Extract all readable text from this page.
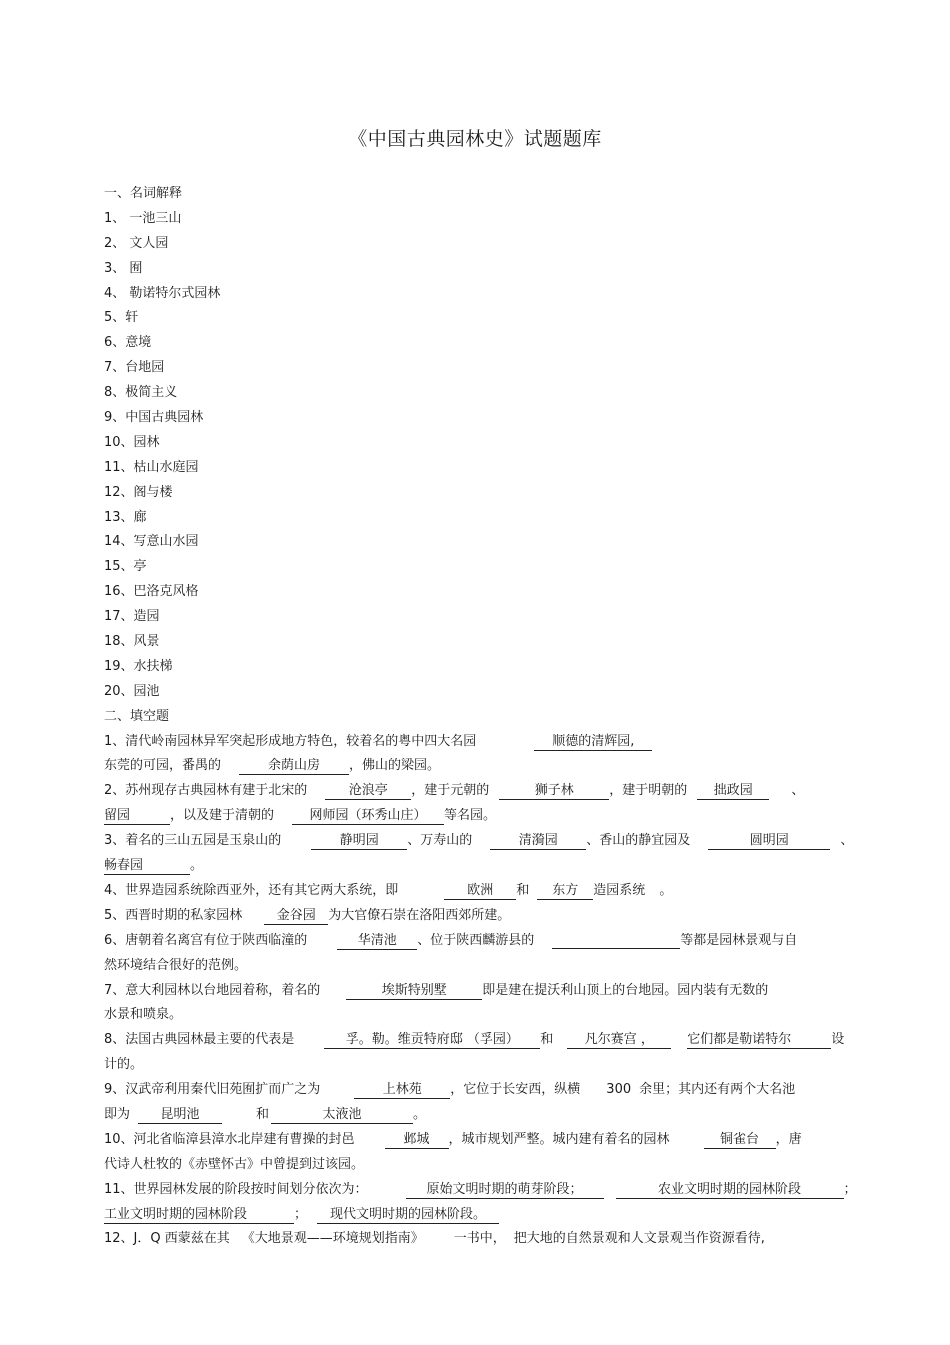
《中国古典园林史》试题题库
一、名词解释
1、 一池三山
2、 文人园
3、 囿
4、 勒诺特尔式园林
5、轩
6、意境
7、台地园
8、极简主义
9、中国古典园林
10、园林
11、枯山水庭园
12、阁与楼
13、廊
14、写意山水园
15、亭
16、巴洛克风格
17、造园
18、风景
19、水扶梯
20、园池
二、填空题
1、清代岭南园林异军突起形成地方特色，较着名的粤中四大名园	顺德的清辉园,
东莞的可园，番禺的	余荫山房 ，佛山的梁园。
2、苏州现存古典园林有建于北宋的	沧浪亭 ，建于元朝的	狮子林	，建于明朝的 拙政园	、
留园	，以及建于清朝的	网师园（环秀山庄） 等名园。
3、着名的三山五园是玉泉山的	静明园 、万寿山的	清漪园 、香山的静宜园及	圆明园	、
畅春园	。
4、世界造园系统除西亚外，还有其它两大系统，即	欧洲 和 东方 造园系统 。
5、西晋时期的私家园林	金谷园 为大官僚石崇在洛阳西郊所建。
6、唐朝着名离宫有位于陕西临潼的	华清池 、位于陕西麟游县的	等都是园林景观与自
然环境结合很好的范例。
7、意大利园林以台地园着称，着名的	埃斯特别墅	即是建在提沃利山顶上的台地园。园内装有无数的
水景和喷泉。
8、法国古典园林最主要的代表是	孚。勒。维贡特府邸 （孚园） 和 凡尔赛宫 ，	它们都是勒诺特尔	设
计的。
9、汉武帝利用秦代旧苑囿扩而广之为	上林苑 ，它位于长安西，纵横 300 余里；其内还有两个大名池
即为 昆明池	和	太液池	。
10、河北省临漳县漳水北岸建有曹操的封邑	邺城 ，城市规划严整。城内建有着名的园林	铜雀台 ，唐
代诗人杜牧的《赤壁怀古》中曾提到过该园。
11、世界园林发展的阶段按时间划分依次为：	原始文明时期的萌芽阶段；	农业文明时期的园林阶段	；
工业文明时期的园林阶段	； 现代文明时期的园林阶段。
12、J．Q 西蒙兹在其 《大地景观——环境规划指南》 一书中， 把大地的自然景观和人文景观当作资源看待,
